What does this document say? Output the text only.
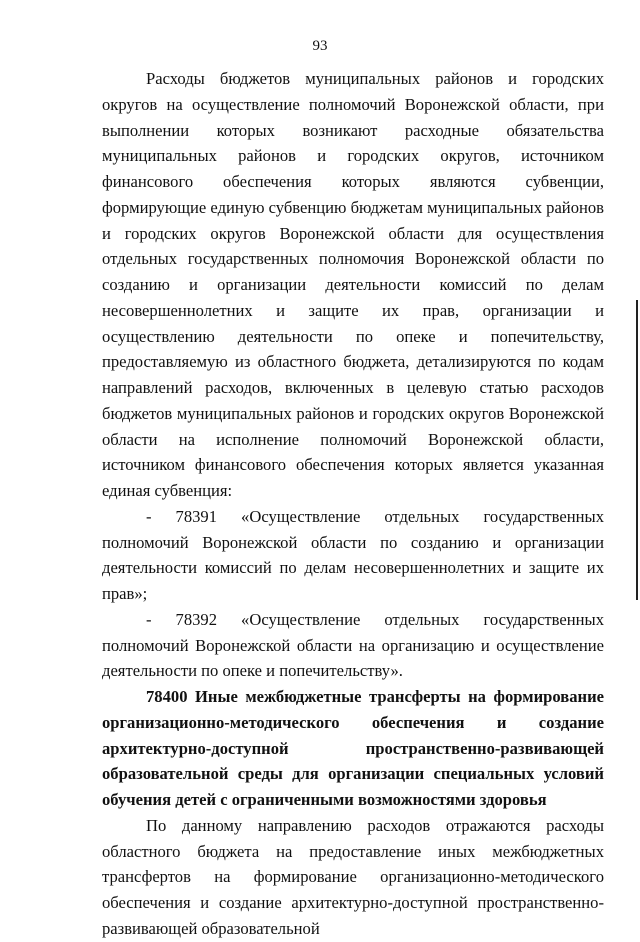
93

Расходы бюджетов муниципальных районов и городских округов на осуществление полномочий Воронежской области, при выполнении которых возникают расходные обязательства муниципальных районов и городских округов, источником финансового обеспечения которых являются субвенции, формирующие единую субвенцию бюджетам муниципальных районов и городских округов Воронежской области для осуществления отдельных государственных полномочия Воронежской области по созданию и организации деятельности комиссий по делам несовершеннолетних и защите их прав, организации и осуществлению деятельности по опеке и попечительству, предоставляемую из областного бюджета, детализируются по кодам направлений расходов, включенных в целевую статью расходов бюджетов муниципальных районов и городских округов Воронежской области на исполнение полномочий Воронежской области, источником финансового обеспечения которых является указанная единая субвенция:

- 78391 «Осуществление отдельных государственных полномочий Воронежской области по созданию и организации деятельности комиссий по делам несовершеннолетних и защите их прав»;

- 78392 «Осуществление отдельных государственных полномочий Воронежской области на организацию и осуществление деятельности по опеке и попечительству».

78400 Иные межбюджетные трансферты на формирование организационно-методического обеспечения и создание архитектурно-доступной пространственно-развивающей образовательной среды для организации специальных условий обучения детей с ограниченными возможностями здоровья

По данному направлению расходов отражаются расходы областного бюджета на предоставление иных межбюджетных трансфертов на формирование организационно-методического обеспечения и создание архитектурно-доступной пространственно-развивающей образовательной
